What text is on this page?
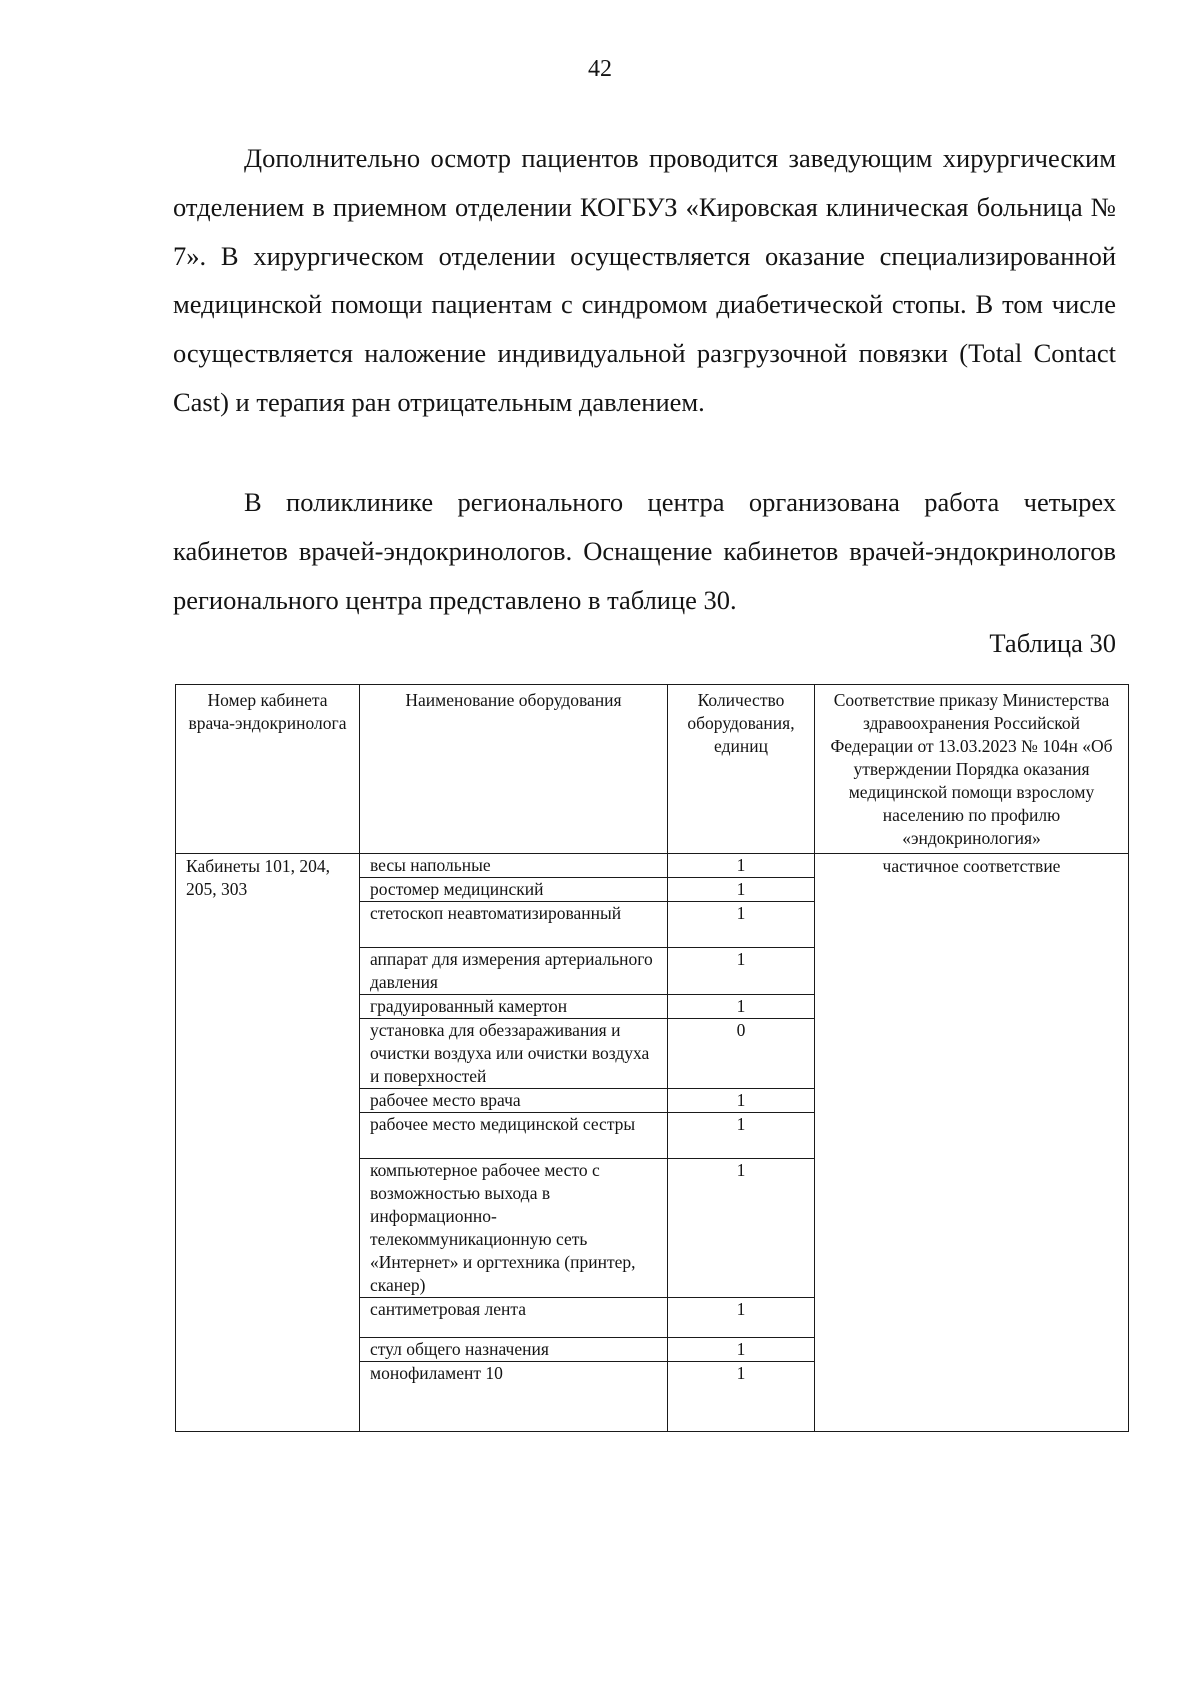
42

Дополнительно осмотр пациентов проводится заведующим хирургическим отделением в приемном отделении КОГБУЗ «Кировская клиническая больница № 7». В хирургическом отделении осуществляется оказание специализированной медицинской помощи пациентам с синдромом диабетической стопы. В том числе осуществляется наложение индивидуальной разгрузочной повязки (Total Contact Cast) и терапия ран отрицательным давлением.

В поликлинике регионального центра организована работа четырех кабинетов врачей-эндокринологов. Оснащение кабинетов врачей-эндокринологов регионального центра представлено в таблице 30.

Таблица 30
Номер кабинета врача-эндокринолога	Наименование оборудования	Количество оборудования, единиц	Соответствие приказу Министерства здравоохранения Российской Федерации от 13.03.2023 № 104н «Об утверждении Порядка оказания медицинской помощи взрослому населению по профилю «эндокринология»
Кабинеты 101, 204, 205, 303	весы напольные	1	частичное соответствие
	ростомер медицинский	1	
	стетоскоп неавтоматизированный	1	
	аппарат для измерения артериального давления	1	
	градуированный камертон	1	
	установка для обеззараживания и очистки воздуха или очистки воздуха и поверхностей	0	
	рабочее место врача	1	
	рабочее место медицинской сестры	1	
	компьютерное рабочее место с возможностью выхода в информационно-телекоммуникационную сеть «Интернет» и оргтехника (принтер, сканер)	1	
	сантиметровая лента	1	
	стул общего назначения	1	
	монофиламент 10	1	
